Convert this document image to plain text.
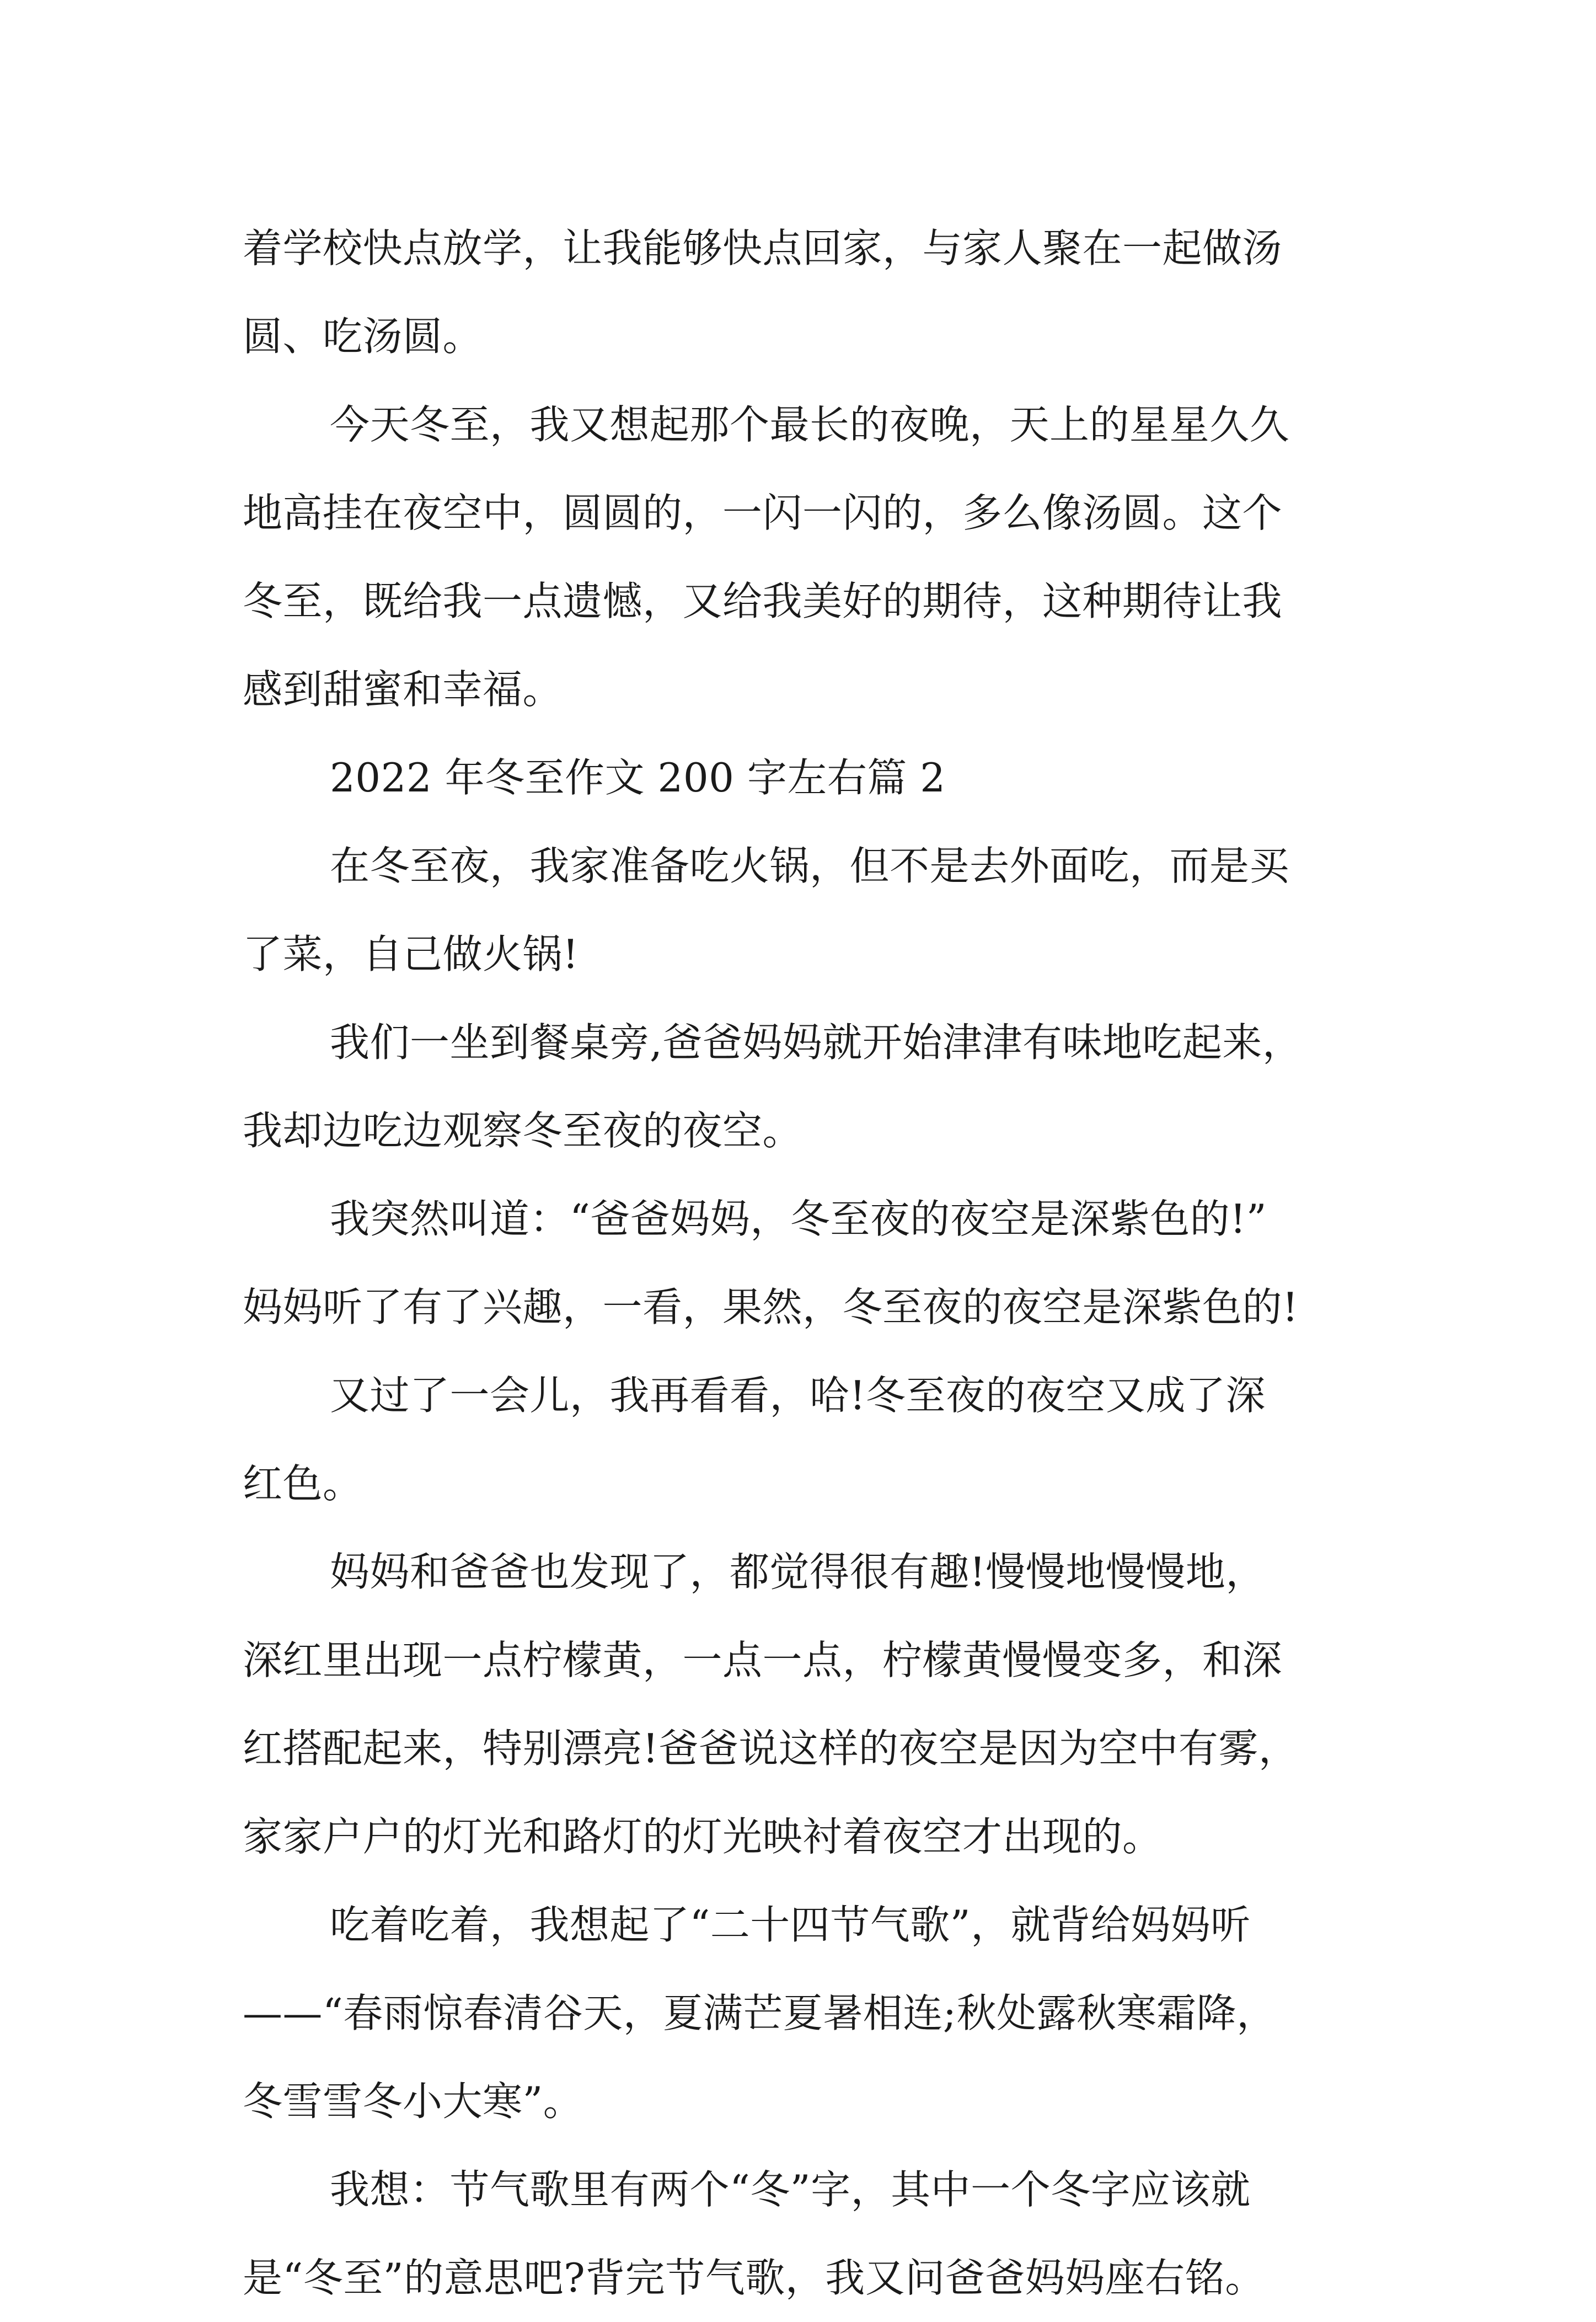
着学校快点放学，让我能够快点回家，与家人聚在一起做汤
圆、吃汤圆。
今天冬至，我又想起那个最长的夜晚，天上的星星久久
地高挂在夜空中，圆圆的，一闪一闪的，多么像汤圆。这个
冬至，既给我一点遗憾，又给我美好的期待，这种期待让我
感到甜蜜和幸福。
2022 年冬至作文 200 字左右篇 2
在冬至夜，我家准备吃火锅，但不是去外面吃，而是买
了菜，自己做火锅!
我们一坐到餐桌旁,爸爸妈妈就开始津津有味地吃起来，
我却边吃边观察冬至夜的夜空。
我突然叫道：“爸爸妈妈，冬至夜的夜空是深紫色的!”
妈妈听了有了兴趣，一看，果然，冬至夜的夜空是深紫色的!
又过了一会儿，我再看看，哈!冬至夜的夜空又成了深
红色。
妈妈和爸爸也发现了，都觉得很有趣!慢慢地慢慢地，
深红里出现一点柠檬黄，一点一点，柠檬黄慢慢变多，和深
红搭配起来，特别漂亮!爸爸说这样的夜空是因为空中有雾，
家家户户的灯光和路灯的灯光映衬着夜空才出现的。
吃着吃着，我想起了“二十四节气歌”，就背给妈妈听
——“春雨惊春清谷天，夏满芒夏暑相连;秋处露秋寒霜降，
冬雪雪冬小大寒”。
我想：节气歌里有两个“冬”字，其中一个冬字应该就
是“冬至”的意思吧?背完节气歌，我又问爸爸妈妈座右铭。
